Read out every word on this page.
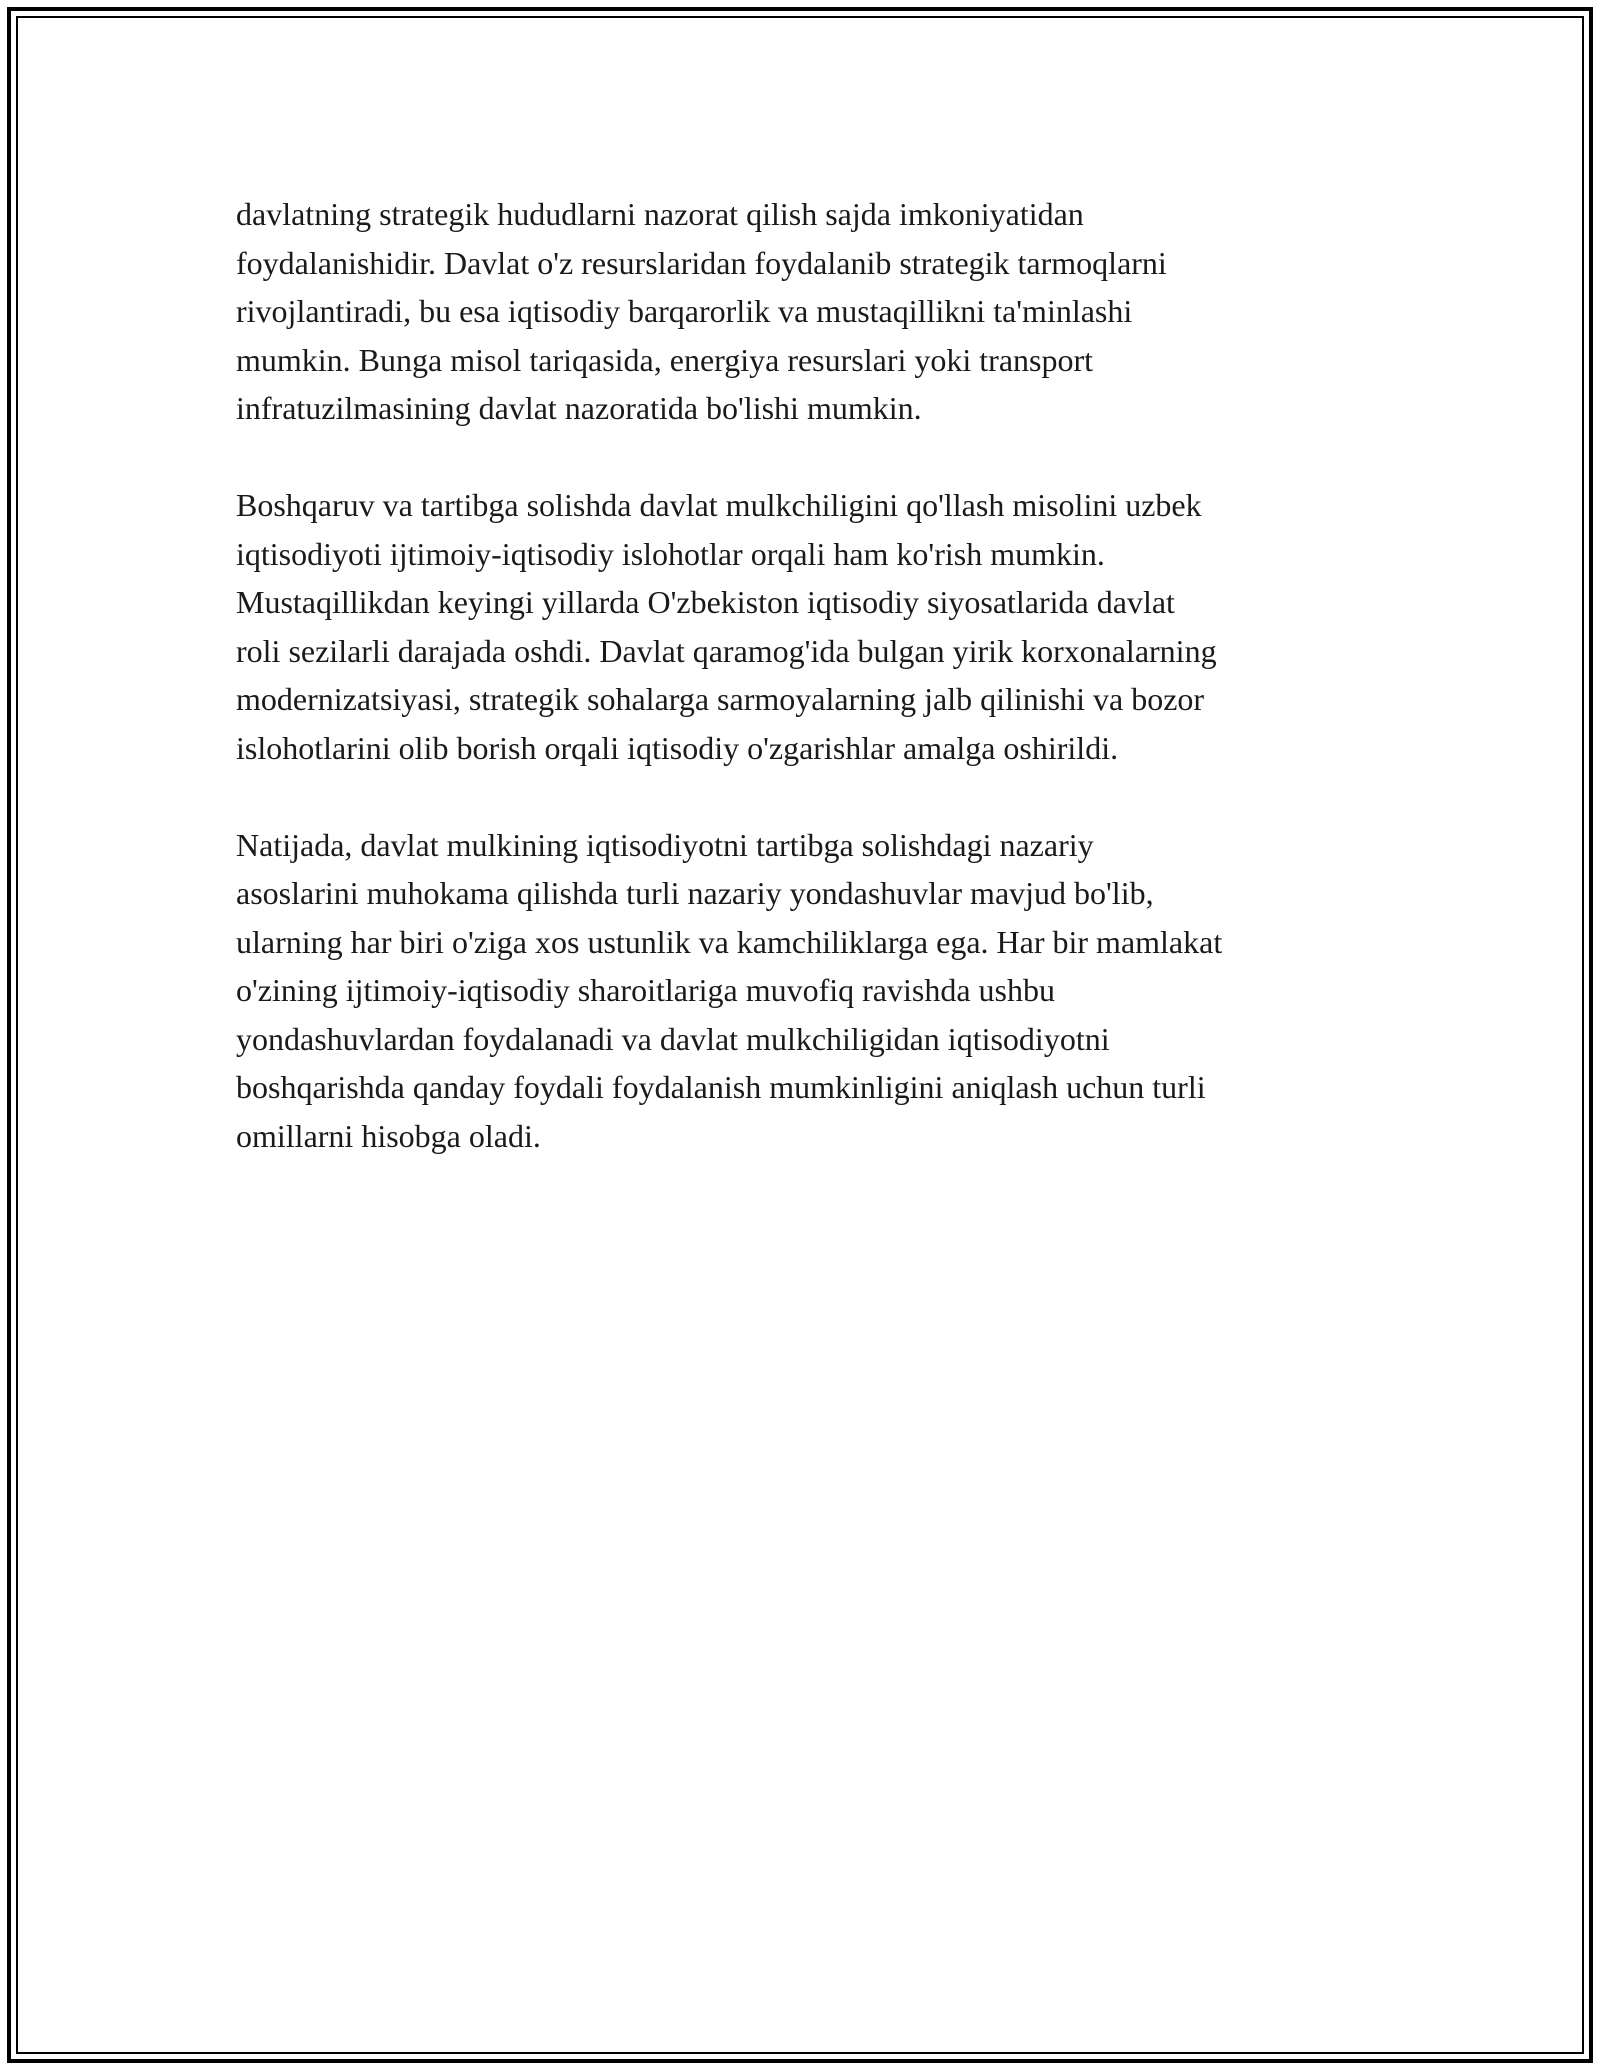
davlatning strategik hududlarni nazorat qilish sajda imkoniyatidan
foydalanishidir. Davlat o'z resurslaridan foydalanib strategik tarmoqlarni
rivojlantiradi, bu esa iqtisodiy barqarorlik va mustaqillikni ta'minlashi
mumkin. Bunga misol tariqasida, energiya resurslari yoki transport
infratuzilmasining davlat nazoratida bo'lishi mumkin.

Boshqaruv va tartibga solishda davlat mulkchiligini qo'llash misolini uzbek
iqtisodiyoti ijtimoiy-iqtisodiy islohotlar orqali ham ko'rish mumkin.
Mustaqillikdan keyingi yillarda O'zbekiston iqtisodiy siyosatlarida davlat
roli sezilarli darajada oshdi. Davlat qaramog'ida bulgan yirik korxonalarning
modernizatsiyasi, strategik sohalarga sarmoyalarning jalb qilinishi va bozor
islohotlarini olib borish orqali iqtisodiy o'zgarishlar amalga oshirildi.

Natijada, davlat mulkining iqtisodiyotni tartibga solishdagi nazariy
asoslarini muhokama qilishda turli nazariy yondashuvlar mavjud bo'lib,
ularning har biri o'ziga xos ustunlik va kamchiliklarga ega. Har bir mamlakat
o'zining ijtimoiy-iqtisodiy sharoitlariga muvofiq ravishda ushbu
yondashuvlardan foydalanadi va davlat mulkchiligidan iqtisodiyotni
boshqarishda qanday foydali foydalanish mumkinligini aniqlash uchun turli
omillarni hisobga oladi.
